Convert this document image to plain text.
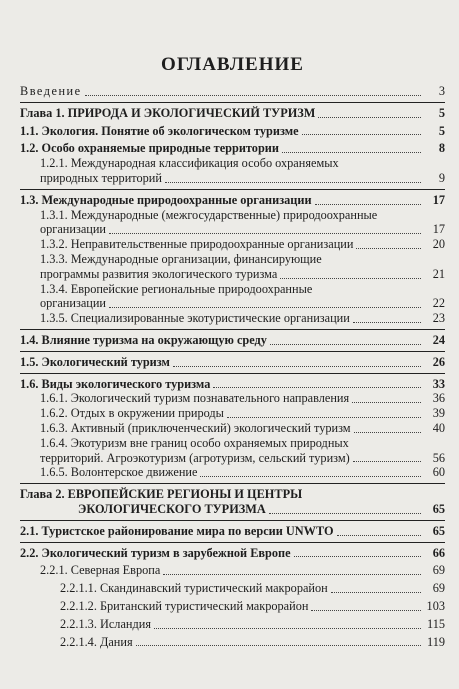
ОГЛАВЛЕНИЕ
Введение	3
Глава 1. ПРИРОДА И ЭКОЛОГИЧЕСКИЙ ТУРИЗМ	5
1.1. Экология. Понятие об экологическом туризме	5
1.2. Особо охраняемые природные территории	8
1.2.1. Международная классификация особо охраняемых
природных территорий	9
1.3. Международные природоохранные организации	17
1.3.1. Международные (межгосударственные) природоохранные
организации	17
1.3.2. Неправительственные природоохранные организации	20
1.3.3. Международные организации, финансирующие
программы развития экологического туризма	21
1.3.4. Европейские региональные природоохранные
организации	22
1.3.5. Специализированные экотуристические организации	23
1.4. Влияние туризма на окружающую среду	24
1.5. Экологический туризм	26
1.6. Виды экологического туризма	33
1.6.1. Экологический туризм познавательного направления	36
1.6.2. Отдых в окружении природы	39
1.6.3. Активный (приключенческий) экологический туризм	40
1.6.4. Экотуризм вне границ особо охраняемых природных
территорий. Агроэкотуризм (агротуризм, сельский туризм)	56
1.6.5. Волонтерское движение	60
Глава 2. ЕВРОПЕЙСКИЕ РЕГИОНЫ И ЦЕНТРЫ
ЭКОЛОГИЧЕСКОГО ТУРИЗМА	65
2.1. Туристское районирование мира по версии UNWTO	65
2.2. Экологический туризм в зарубежной Европе	66
2.2.1. Северная Европа	69
2.2.1.1. Скандинавский туристический макрорайон	69
2.2.1.2. Британский туристический макрорайон	103
2.2.1.3. Исландия	115
2.2.1.4. Дания	119
